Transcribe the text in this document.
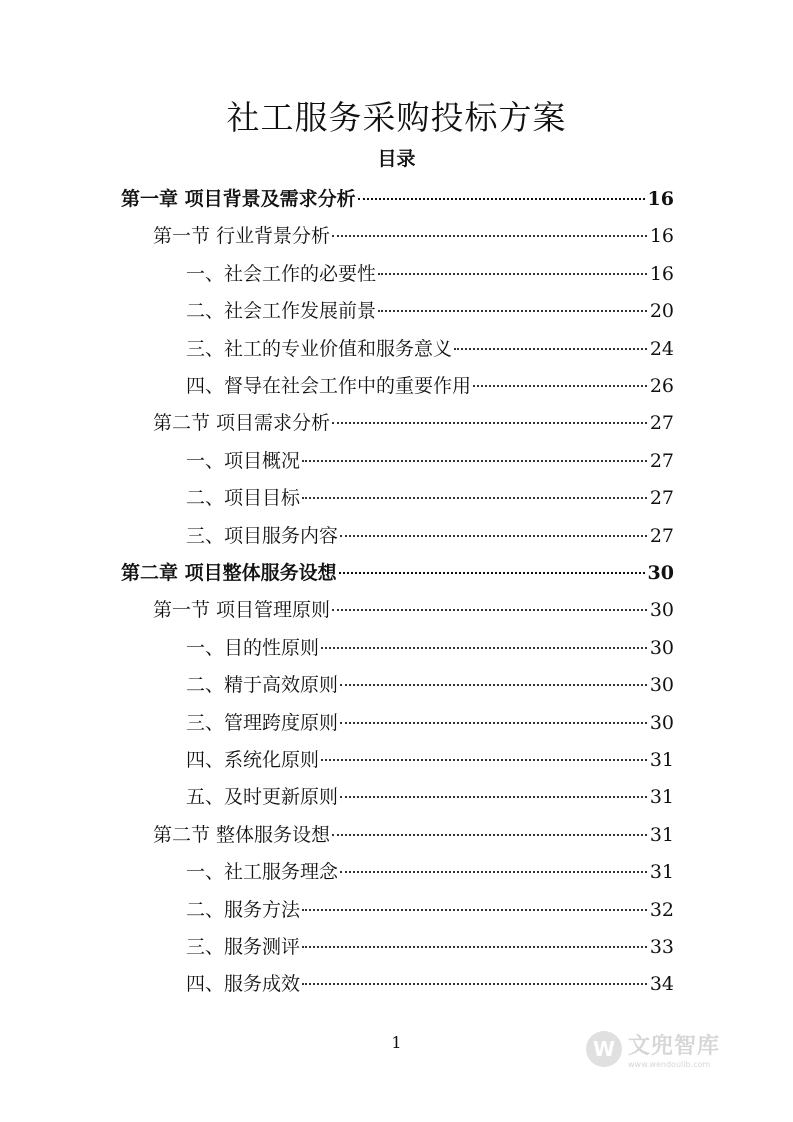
社工服务采购投标方案
目录
第一章 项目背景及需求分析	16
第一节 行业背景分析	16
一、社会工作的必要性	16
二、社会工作发展前景	20
三、社工的专业价值和服务意义	24
四、督导在社会工作中的重要作用	26
第二节 项目需求分析	27
一、项目概况	27
二、项目目标	27
三、项目服务内容	27
第二章 项目整体服务设想	30
第一节 项目管理原则	30
一、目的性原则	30
二、精于高效原则	30
三、管理跨度原则	30
四、系统化原则	31
五、及时更新原则	31
第二节 整体服务设想	31
一、社工服务理念	31
二、服务方法	32
三、服务测评	33
四、服务成效	34
1	W 文兜智库
www.wendoulib.com
